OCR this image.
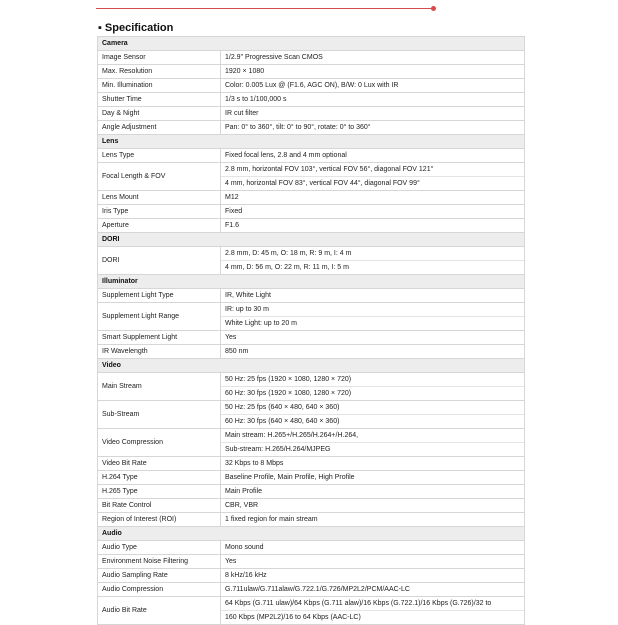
▪ Specification
Camera	
Image Sensor	1/2.9" Progressive Scan CMOS
Max. Resolution	1920 × 1080
Min. Illumination	Color: 0.005 Lux @ (F1.6, AGC ON), B/W: 0 Lux with IR
Shutter Time	1/3 s to 1/100,000 s
Day & Night	IR cut filter
Angle Adjustment	Pan: 0° to 360°, tilt: 0° to 90°, rotate: 0° to 360°
Lens	
Lens Type	Fixed focal lens, 2.8 and 4 mm optional
Focal Length & FOV	2.8 mm, horizontal FOV 103°, vertical FOV 56°, diagonal FOV 121°
4 mm, horizontal FOV 83°, vertical FOV 44°, diagonal FOV 99°

Lens Mount	M12
Iris Type	Fixed
Aperture	F1.6
DORI	
DORI	2.8 mm, D: 45 m, O: 18 m, R: 9 m, I: 4 m
4 mm, D: 56 m, O: 22 m, R: 11 m, I: 5 m

Illuminator	
Supplement Light Type	IR, White Light
Supplement Light Range	IR: up to 30 m
White Light: up to 20 m

Smart Supplement Light	Yes
IR Wavelength	850 nm
Video	
Main Stream	50 Hz: 25 fps (1920 × 1080, 1280 × 720)
60 Hz: 30 fps (1920 × 1080, 1280 × 720)

Sub-Stream	50 Hz: 25 fps (640 × 480, 640 × 360)
60 Hz: 30 fps (640 × 480, 640 × 360)

Video Compression	Main stream: H.265+/H.265/H.264+/H.264,
Sub-stream: H.265/H.264/MJPEG

Video Bit Rate	32 Kbps to 8 Mbps
H.264 Type	Baseline Profile, Main Profile, High Profile
H.265 Type	Main Profile
Bit Rate Control	CBR, VBR
Region of Interest (ROI)	1 fixed region for main stream
Audio	
Audio Type	Mono sound
Environment Noise Filtering	Yes
Audio Sampling Rate	8 kHz/16 kHz
Audio Compression	G.711ulaw/G.711alaw/G.722.1/G.726/MP2L2/PCM/AAC-LC
Audio Bit Rate	64 Kbps (G.711 ulaw)/64 Kbps (G.711 alaw)/16 Kbps (G.722.1)/16 Kbps (G.726)/32 to
160 Kbps (MP2L2)/16 to 64 Kbps (AAC-LC)
